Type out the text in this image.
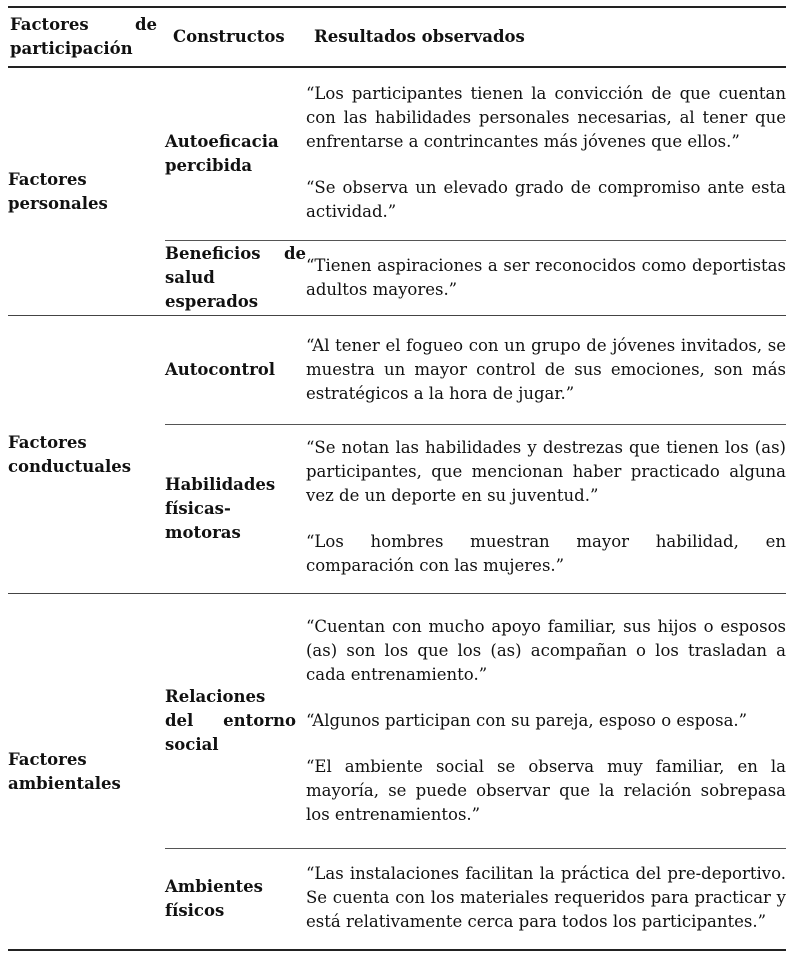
Factores de
participación	Constructos	Resultados observados
Factores personales	Autoeficacia percibida	“Los participantes tienen la convicción de que cuentan con las habilidades personales necesarias, al tener que enfrentarse a contrincantes más jóvenes que ellos.”

“Se observa un elevado grado de compromiso ante esta actividad.”

	Beneficios de salud esperados	“Tienen aspiraciones a ser reconocidos como deportistas adultos mayores.”

Factores conductuales	Autocontrol	“Al tener el fogueo con un grupo de jóvenes invitados, se muestra un mayor control de sus emociones, son más estratégicos a la hora de jugar.”

	Habilidades físicas-motoras	“Se notan las habilidades y destrezas que tienen los (as) participantes, que mencionan haber practicado alguna vez de un deporte en su juventud.”

“Los hombres muestran mayor habilidad, en comparación con las mujeres.”

Factores ambientales	Relaciones del entorno social	“Cuentan con mucho apoyo familiar, sus hijos o esposos (as) son los que los (as) acompañan o los trasladan a cada entrenamiento.”

“Algunos participan con su pareja, esposo o esposa.”

“El ambiente social se observa muy familiar, en la mayoría, se puede observar que la relación sobrepasa los entrenamientos.”

	Ambientes físicos	“Las instalaciones facilitan la práctica del pre-deportivo. Se cuenta con los materiales requeridos para practicar y está relativamente cerca para todos los participantes.”
